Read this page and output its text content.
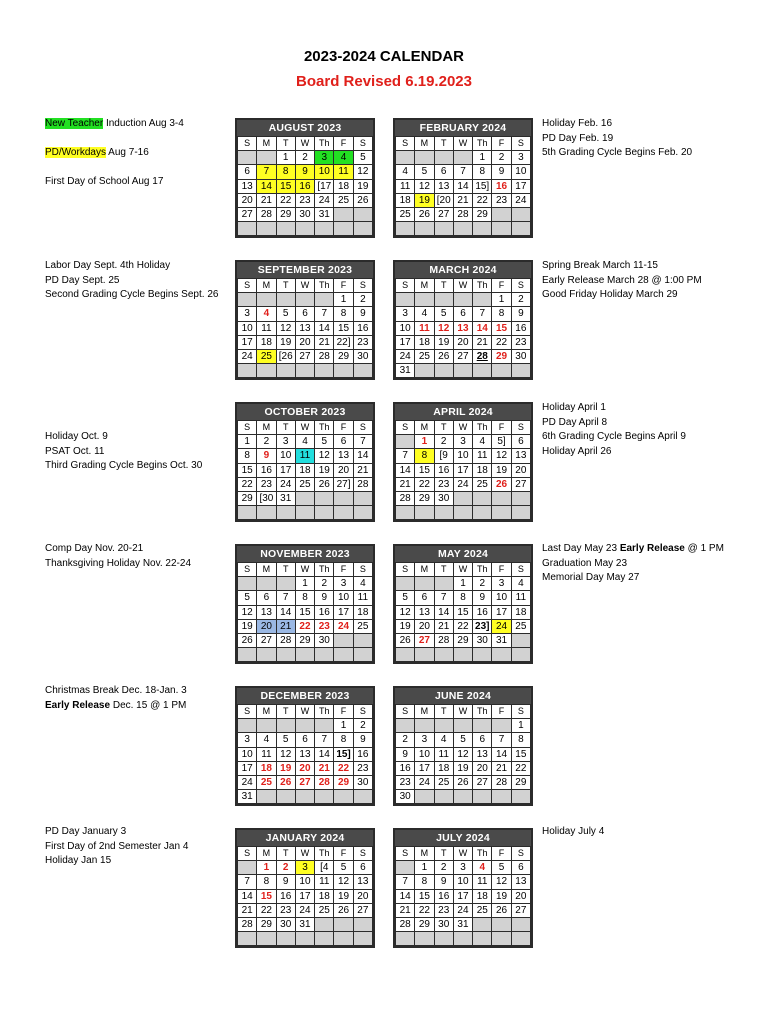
2023-2024 CALENDAR
Board Revised 6.19.2023
New Teacher Induction Aug 3-4

PD/Workdays Aug 7-16

First Day of School Aug 17
Holiday Feb. 16
PD Day Feb. 19
5th Grading Cycle Begins Feb. 20
AUGUST 2023
S	M	T	W	Th	F	S
		1	2	3	4	5
6	7	8	9	10	11	12
13	14	15	16	[17	18	19
20	21	22	23	24	25	26
27	28	29	30	31		

FEBRUARY 2024
S	M	T	W	Th	F	S
				1	2	3
4	5	6	7	8	9	10
11	12	13	14	15]	16	17
18	19	[20	21	22	23	24
25	26	27	28	29		

Labor Day Sept. 4th Holiday
PD Day Sept. 25
Second Grading Cycle Begins Sept. 26
Spring Break March 11-15
Early Release March 28 @ 1:00 PM
Good Friday Holiday March 29
SEPTEMBER 2023
S	M	T	W	Th	F	S
					1	2
3	4	5	6	7	8	9
10	11	12	13	14	15	16
17	18	19	20	21	22]	23
24	25	[26	27	28	29	30

MARCH 2024
S	M	T	W	Th	F	S
					1	2
3	4	5	6	7	8	9
10	11	12	13	14	15	16
17	18	19	20	21	22	23
24	25	26	27	28	29	30
31						
Holiday Oct. 9
PSAT Oct. 11
Third Grading Cycle Begins Oct. 30
Holiday April 1
PD Day April 8
6th Grading Cycle Begins April 9
Holiday April 26
OCTOBER 2023
S	M	T	W	Th	F	S
1	2	3	4	5	6	7
8	9	10	11	12	13	14
15	16	17	18	19	20	21
22	23	24	25	26	27]	28
29	[30	31				

APRIL 2024
S	M	T	W	Th	F	S
	1	2	3	4	5]	6
7	8	[9	10	11	12	13
14	15	16	17	18	19	20
21	22	23	24	25	26	27
28	29	30				

Comp Day Nov. 20-21
Thanksgiving Holiday Nov. 22-24
Last Day May 23 Early Release @ 1 PM
Graduation May 23
Memorial Day May 27
NOVEMBER 2023
S	M	T	W	Th	F	S
			1	2	3	4
5	6	7	8	9	10	11
12	13	14	15	16	17	18
19	20	21	22	23	24	25
26	27	28	29	30		

MAY 2024
S	M	T	W	Th	F	S
			1	2	3	4
5	6	7	8	9	10	11
12	13	14	15	16	17	18
19	20	21	22	23]	24	25
26	27	28	29	30	31	

Christmas Break Dec. 18-Jan. 3
Early Release Dec. 15 @ 1 PM
DECEMBER 2023
S	M	T	W	Th	F	S
					1	2
3	4	5	6	7	8	9
10	11	12	13	14	15]	16
17	18	19	20	21	22	23
24	25	26	27	28	29	30
31						
JUNE 2024
S	M	T	W	Th	F	S
						1
2	3	4	5	6	7	8
9	10	11	12	13	14	15
16	17	18	19	20	21	22
23	24	25	26	27	28	29
30						
PD Day January 3
First Day of 2nd Semester Jan 4
Holiday Jan 15
Holiday July 4
JANUARY 2024
S	M	T	W	Th	F	S
	1	2	3	[4	5	6
7	8	9	10	11	12	13
14	15	16	17	18	19	20
21	22	23	24	25	26	27
28	29	30	31			

JULY 2024
S	M	T	W	Th	F	S
	1	2	3	4	5	6
7	8	9	10	11	12	13
14	15	16	17	18	19	20
21	22	23	24	25	26	27
28	29	30	31			
